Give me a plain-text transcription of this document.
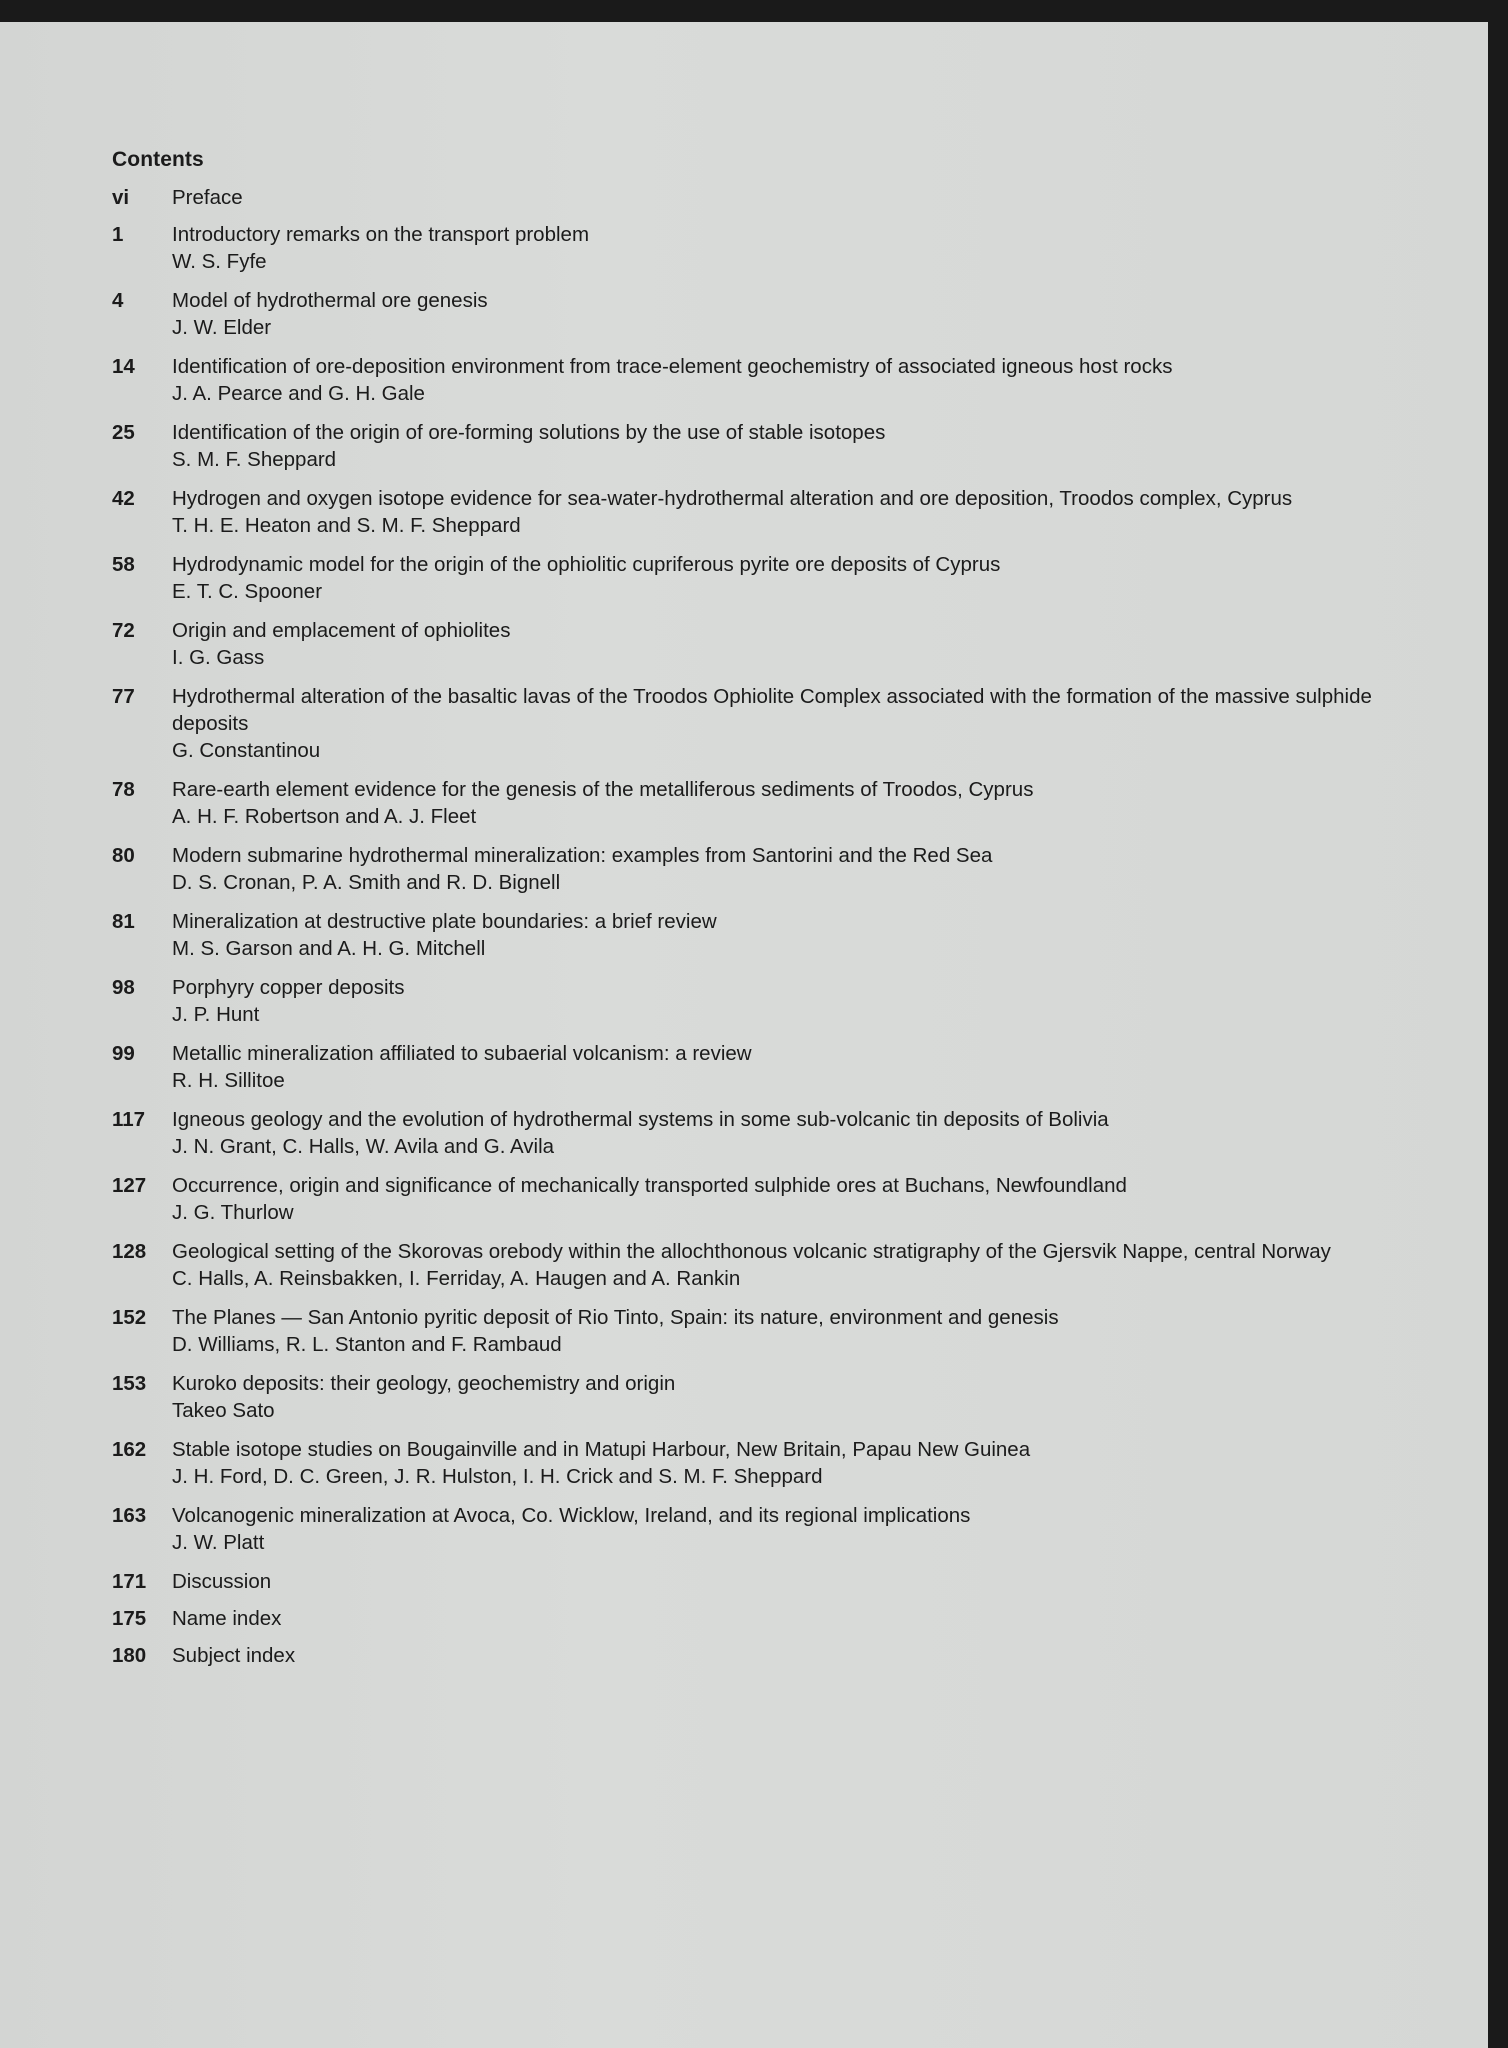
Contents
vi	Preface
1	Introductory remarks on the transport problem
W. S. Fyfe
4	Model of hydrothermal ore genesis
J. W. Elder
14	Identification of ore-deposition environment from trace-element geochemistry of associated igneous host rocks
J. A. Pearce and G. H. Gale
25	Identification of the origin of ore-forming solutions by the use of stable isotopes
S. M. F. Sheppard
42	Hydrogen and oxygen isotope evidence for sea-water-hydrothermal alteration and ore deposition, Troodos complex, Cyprus
T. H. E. Heaton and S. M. F. Sheppard
58	Hydrodynamic model for the origin of the ophiolitic cupriferous pyrite ore deposits of Cyprus
E. T. C. Spooner
72	Origin and emplacement of ophiolites
I. G. Gass
77	Hydrothermal alteration of the basaltic lavas of the Troodos Ophiolite Complex associated with the formation of the massive sulphide deposits
G. Constantinou
78	Rare-earth element evidence for the genesis of the metalliferous sediments of Troodos, Cyprus
A. H. F. Robertson and A. J. Fleet
80	Modern submarine hydrothermal mineralization: examples from Santorini and the Red Sea
D. S. Cronan, P. A. Smith and R. D. Bignell
81	Mineralization at destructive plate boundaries: a brief review
M. S. Garson and A. H. G. Mitchell
98	Porphyry copper deposits
J. P. Hunt
99	Metallic mineralization affiliated to subaerial volcanism: a review
R. H. Sillitoe
117	Igneous geology and the evolution of hydrothermal systems in some sub-volcanic tin deposits of Bolivia
J. N. Grant, C. Halls, W. Avila and G. Avila
127	Occurrence, origin and significance of mechanically transported sulphide ores at Buchans, Newfoundland
J. G. Thurlow
128	Geological setting of the Skorovas orebody within the allochthonous volcanic stratigraphy of the Gjersvik Nappe, central Norway
C. Halls, A. Reinsbakken, I. Ferriday, A. Haugen and A. Rankin
152	The Planes — San Antonio pyritic deposit of Rio Tinto, Spain: its nature, environment and genesis
D. Williams, R. L. Stanton and F. Rambaud
153	Kuroko deposits: their geology, geochemistry and origin
Takeo Sato
162	Stable isotope studies on Bougainville and in Matupi Harbour, New Britain, Papau New Guinea
J. H. Ford, D. C. Green, J. R. Hulston, I. H. Crick and S. M. F. Sheppard
163	Volcanogenic mineralization at Avoca, Co. Wicklow, Ireland, and its regional implications
J. W. Platt
171	Discussion
175	Name index
180	Subject index
